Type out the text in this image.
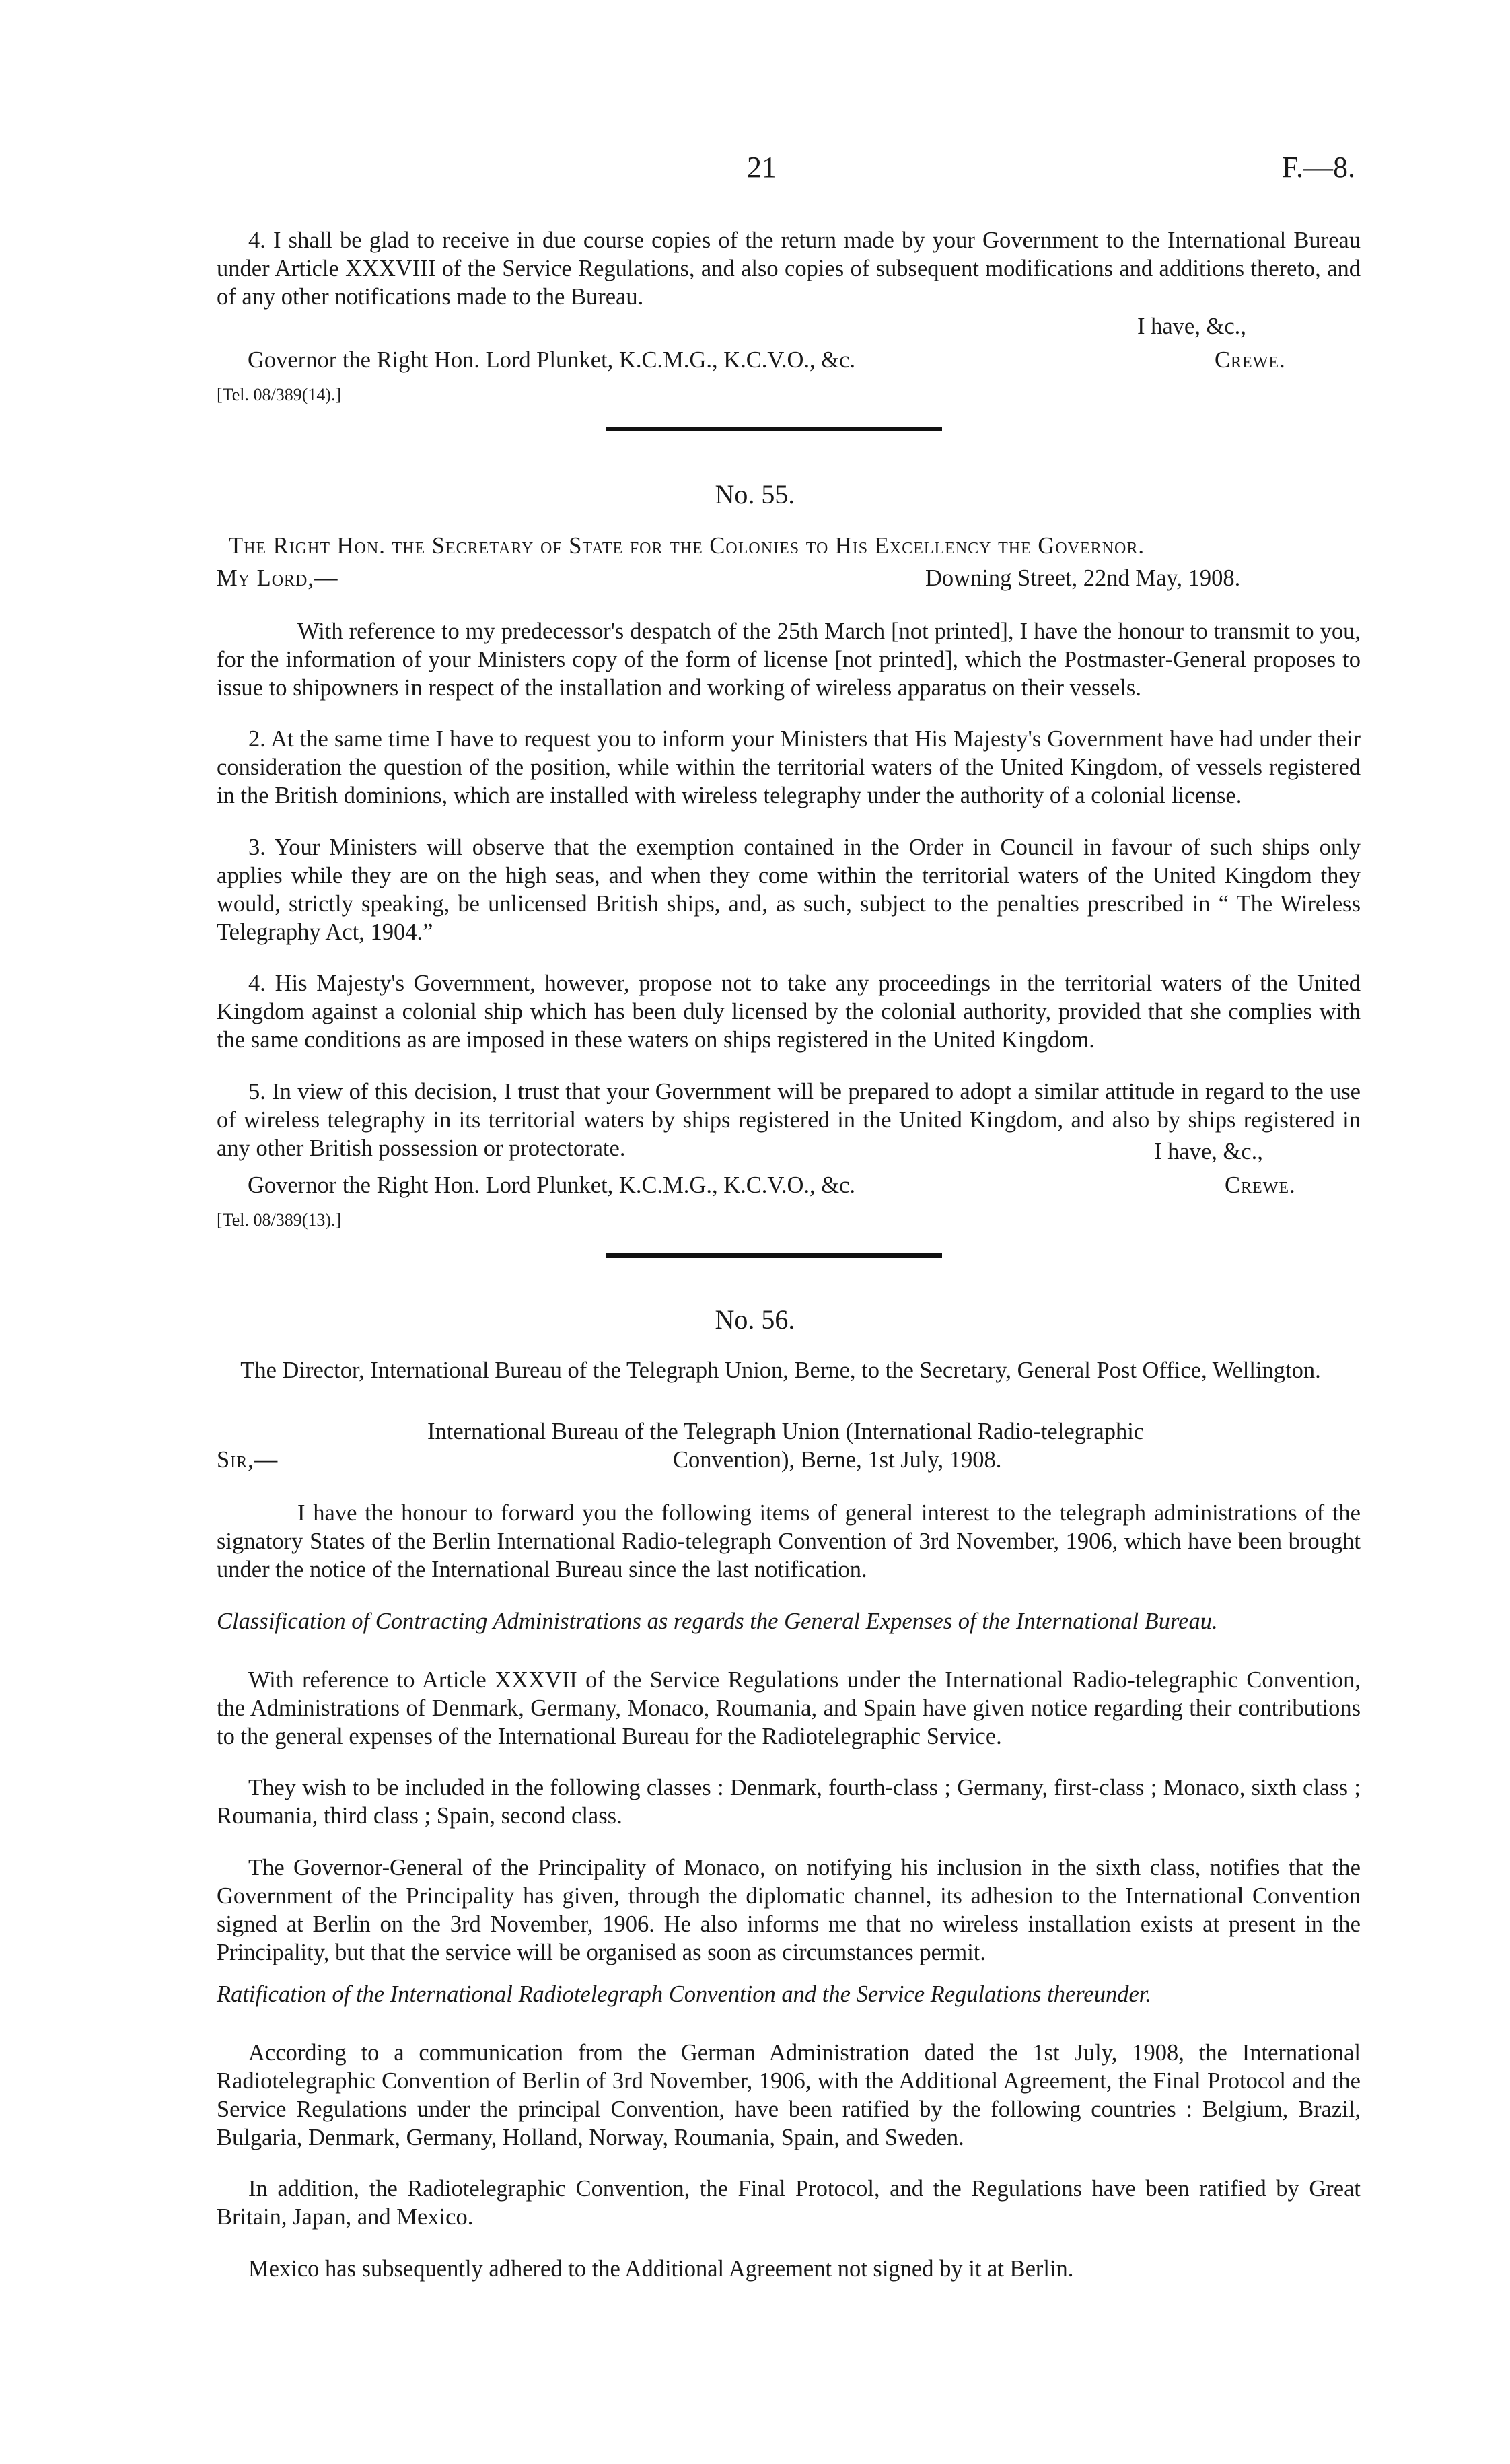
21	F.—8.
4. I shall be glad to receive in due course copies of the return made by your Government to the International Bureau under Article XXXVIII of the Service Regulations, and also copies of subsequent modifications and additions thereto, and of any other notifications made to the Bureau.
I have, &c.,
Governor the Right Hon. Lord Plunket, K.C.M.G., K.C.V.O., &c.	Crewe.
[Tel. 08/389(14).]
No. 55.
The Right Hon. the Secretary of State for the Colonies to His Excellency the Governor.
My Lord,—	Downing Street, 22nd May, 1908.

With reference to my predecessor's despatch of the 25th March [not printed], I have the honour to transmit to you, for the information of your Ministers copy of the form of license [not printed], which the Postmaster-General proposes to issue to shipowners in respect of the installation and working of wireless apparatus on their vessels.

2. At the same time I have to request you to inform your Ministers that His Majesty's Government have had under their consideration the question of the position, while within the territorial waters of the United Kingdom, of vessels registered in the British dominions, which are installed with wireless telegraphy under the authority of a colonial license.

3. Your Ministers will observe that the exemption contained in the Order in Council in favour of such ships only applies while they are on the high seas, and when they come within the territorial waters of the United Kingdom they would, strictly speaking, be unlicensed British ships, and, as such, subject to the penalties prescribed in “ The Wireless Telegraphy Act, 1904.”

4. His Majesty's Government, however, propose not to take any proceedings in the territorial waters of the United Kingdom against a colonial ship which has been duly licensed by the colonial authority, provided that she complies with the same conditions as are imposed in these waters on ships registered in the United Kingdom.

5. In view of this decision, I trust that your Government will be prepared to adopt a similar attitude in regard to the use of wireless telegraphy in its territorial waters by ships registered in the United Kingdom, and also by ships registered in any other British possession or protectorate.	I have, &c.,
Governor the Right Hon. Lord Plunket, K.C.M.G., K.C.V.O., &c.	Crewe.
[Tel. 08/389(13).]
No. 56.
The Director, International Bureau of the Telegraph Union, Berne, to the Secretary, General Post Office, Wellington.
International Bureau of the Telegraph Union (International Radio-telegraphic
Sir,—	Convention), Berne, 1st July, 1908.

I have the honour to forward you the following items of general interest to the telegraph administrations of the signatory States of the Berlin International Radio-telegraph Convention of 3rd November, 1906, which have been brought under the notice of the International Bureau since the last notification.

Classification of Contracting Administrations as regards the General Expenses of the International Bureau.

With reference to Article XXXVII of the Service Regulations under the International Radio-telegraphic Convention, the Administrations of Denmark, Germany, Monaco, Roumania, and Spain have given notice regarding their contributions to the general expenses of the International Bureau for the Radiotelegraphic Service.

They wish to be included in the following classes : Denmark, fourth-class ; Germany, first-class ; Monaco, sixth class ; Roumania, third class ; Spain, second class.

The Governor-General of the Principality of Monaco, on notifying his inclusion in the sixth class, notifies that the Government of the Principality has given, through the diplomatic channel, its adhesion to the International Convention signed at Berlin on the 3rd November, 1906. He also informs me that no wireless installation exists at present in the Principality, but that the service will be organised as soon as circumstances permit.

Ratification of the International Radiotelegraph Convention and the Service Regulations thereunder.

According to a communication from the German Administration dated the 1st July, 1908, the International Radiotelegraphic Convention of Berlin of 3rd November, 1906, with the Additional Agreement, the Final Protocol and the Service Regulations under the principal Convention, have been ratified by the following countries : Belgium, Brazil, Bulgaria, Denmark, Germany, Holland, Norway, Roumania, Spain, and Sweden.

In addition, the Radiotelegraphic Convention, the Final Protocol, and the Regulations have been ratified by Great Britain, Japan, and Mexico.

Mexico has subsequently adhered to the Additional Agreement not signed by it at Berlin.
